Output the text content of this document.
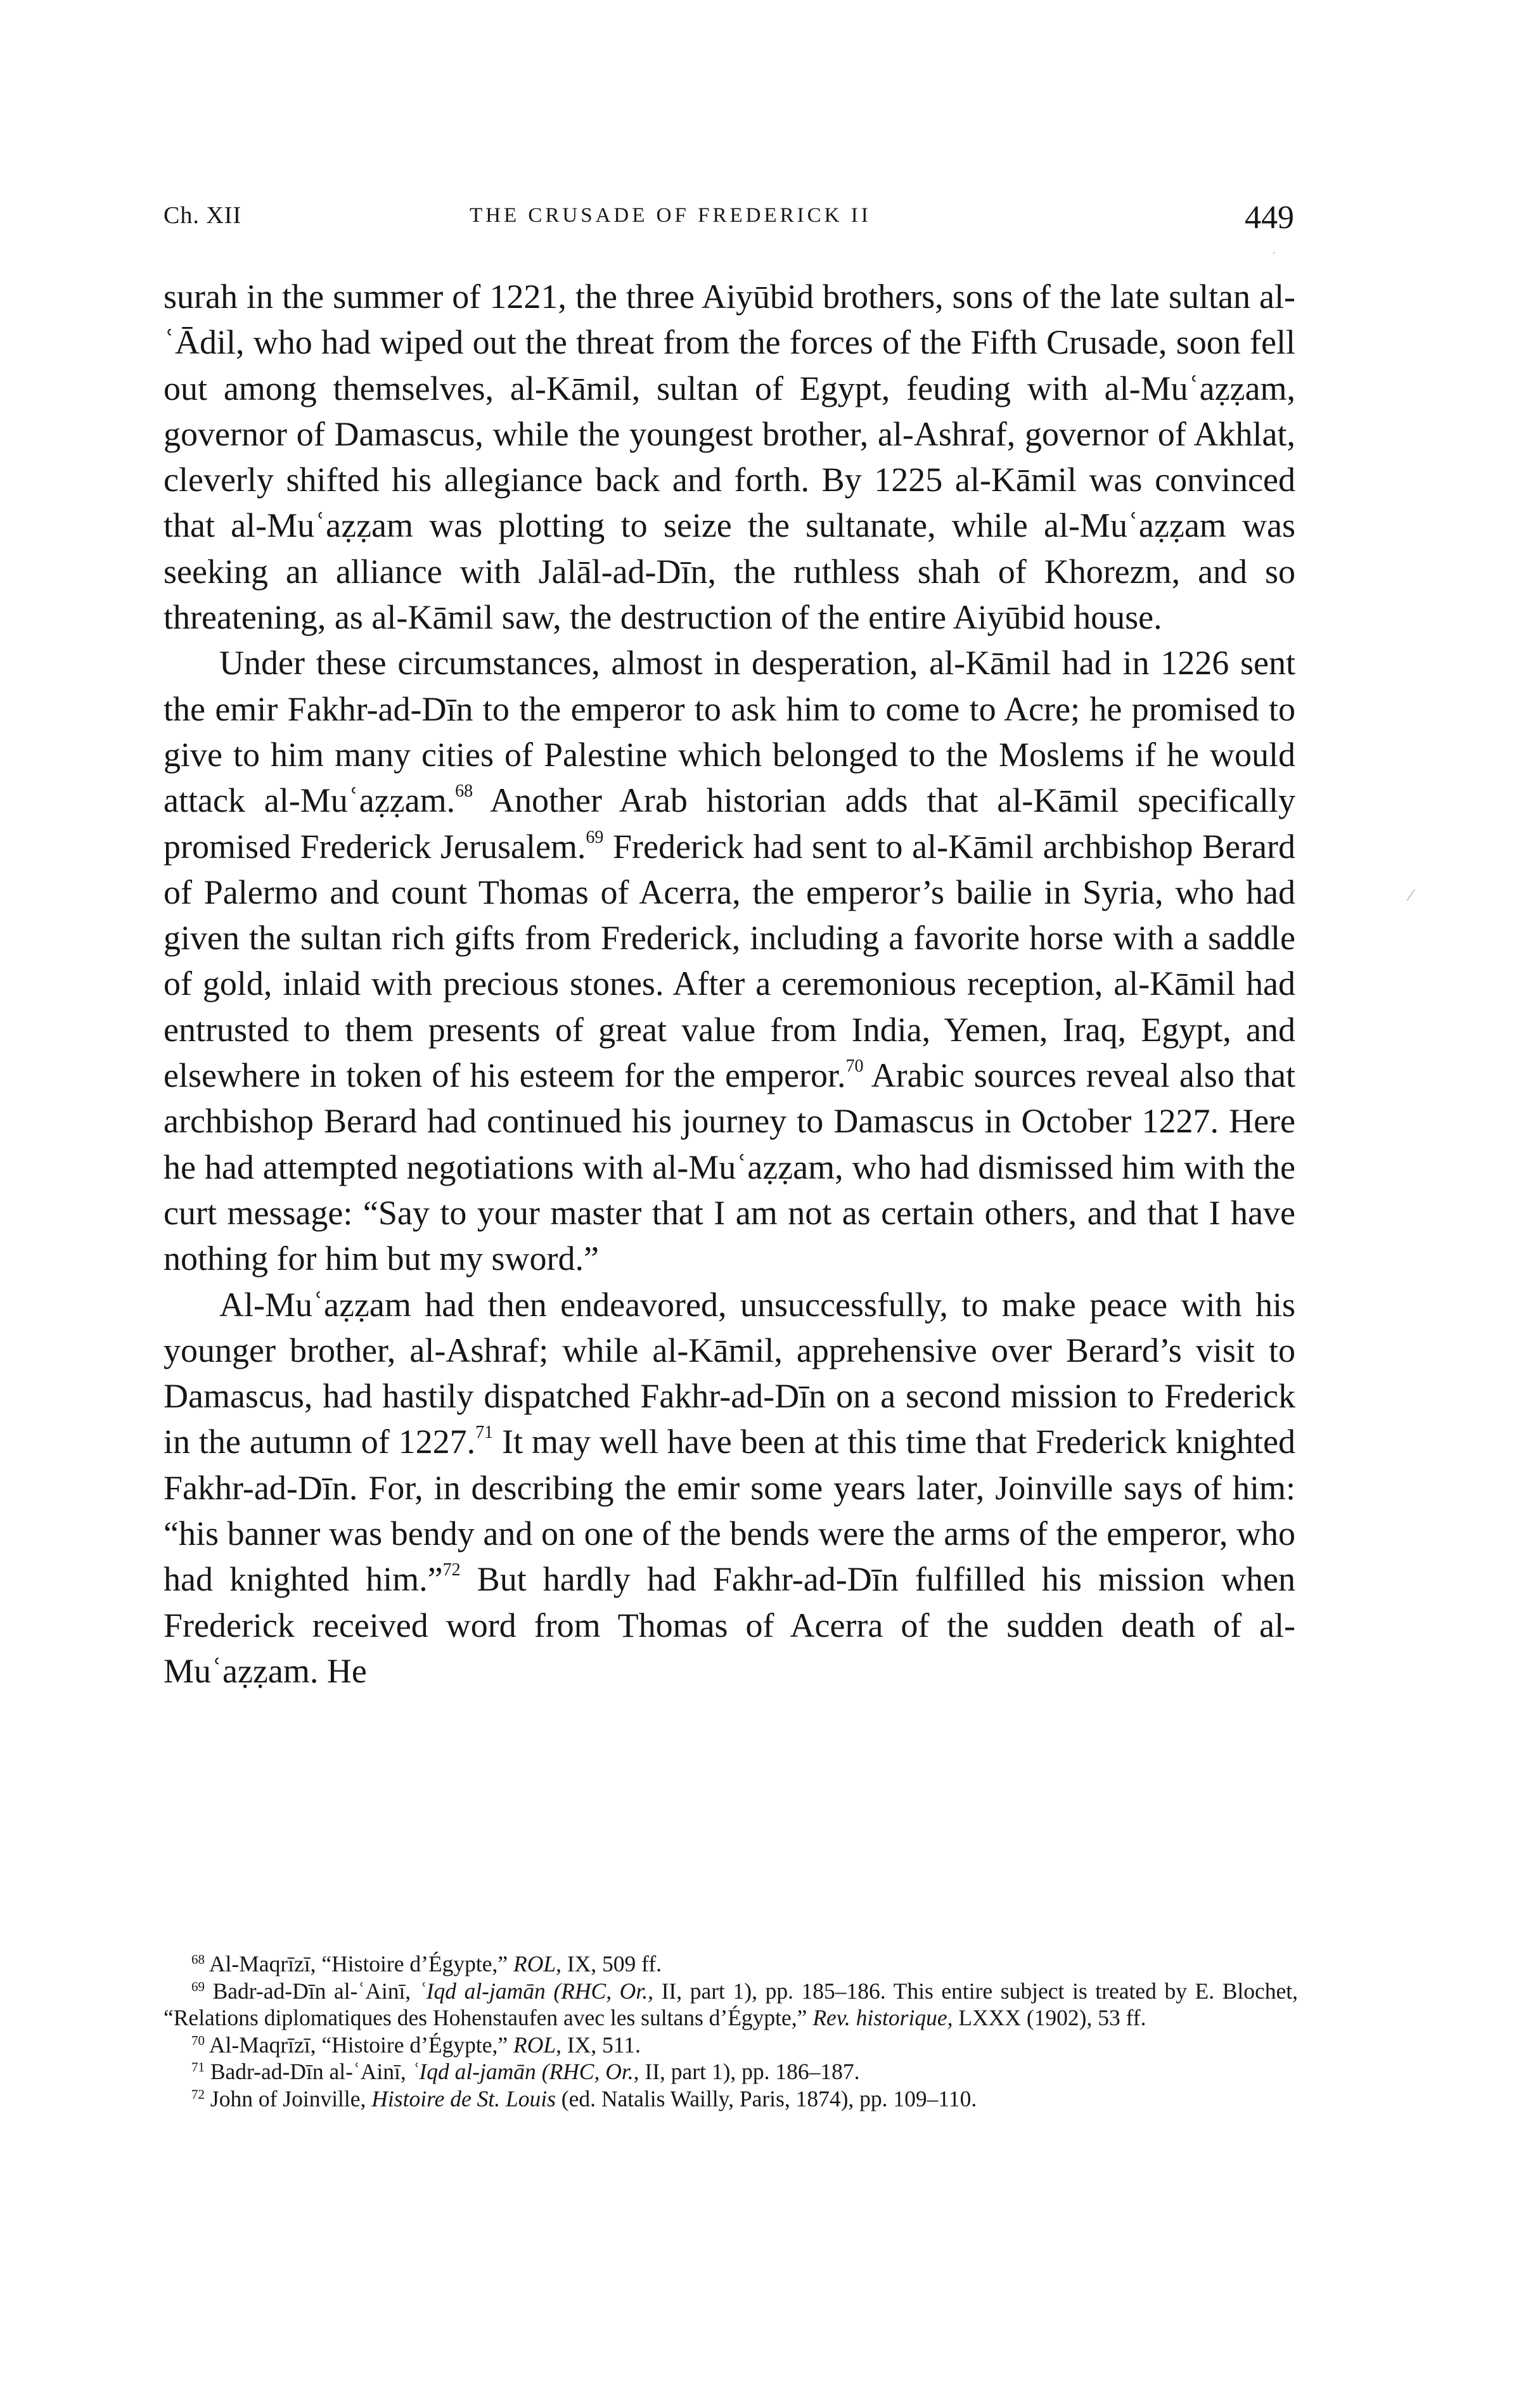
Ch. XII	THE CRUSADE OF FREDERICK II	449

surah in the summer of 1221, the three Aiyūbid brothers, sons of the late sultan al-ʿĀdil, who had wiped out the threat from the forces of the Fifth Crusade, soon fell out among themselves, al-Kāmil, sultan of Egypt, feuding with al-Muʿaẓẓam, governor of Damascus, while the youngest brother, al-Ashraf, governor of Akhlat, cleverly shifted his allegiance back and forth. By 1225 al-Kāmil was convinced that al-Muʿaẓẓam was plotting to seize the sultanate, while al-Muʿaẓẓam was seeking an alliance with Jalāl-ad-Dīn, the ruthless shah of Khorezm, and so threatening, as al-Kāmil saw, the destruction of the entire Aiyūbid house.

Under these circumstances, almost in desperation, al-Kāmil had in 1226 sent the emir Fakhr-ad-Dīn to the emperor to ask him to come to Acre; he promised to give to him many cities of Palestine which belonged to the Moslems if he would attack al-Muʿaẓẓam.$^{68}$ Another Arab historian adds that al-Kāmil specifically promised Frederick Jerusalem.$^{69}$ Frederick had sent to al-Kāmil archbishop Berard of Palermo and count Thomas of Acerra, the emperor’s bailie in Syria, who had given the sultan rich gifts from Frederick, including a favorite horse with a saddle of gold, inlaid with precious stones. After a ceremonious reception, al-Kāmil had entrusted to them presents of great value from India, Yemen, Iraq, Egypt, and elsewhere in token of his esteem for the emperor.$^{70}$ Arabic sources reveal also that archbishop Berard had continued his journey to Damascus in October 1227. Here he had attempted negotiations with al-Muʿaẓẓam, who had dismissed him with the curt message: “Say to your master that I am not as certain others, and that I have nothing for him but my sword.”

Al-Muʿaẓẓam had then endeavored, unsuccessfully, to make peace with his younger brother, al-Ashraf; while al-Kāmil, apprehensive over Berard’s visit to Damascus, had hastily dispatched Fakhr-ad-Dīn on a second mission to Frederick in the autumn of 1227.71 It may well have been at this time that Frederick knighted Fakhr-ad-Dīn. For, in describing the emir some years later, Joinville says of him: “his banner was bendy and on one of the bends were the arms of the emperor, who had knighted him.”$^{72}$ But hardly had Fakhr-ad-Dīn fulfilled his mission when Frederick received word from Thomas of Acerra of the sudden death of al-Muʿaẓẓam. He

$^{68}$ Al-Maqrīzī, “Histoire d’Égypte,” ROL, IX, 509 ff.

$^{69}$ Badr-ad-Dīn al-ʿAinī, ʿIqd al-jamān (RHC, Or., II, part 1), pp. 185–186. This entire subject is treated by E. Blochet, “Relations diplomatiques des Hohenstaufen avec les sultans d’Égypte,” Rev. historique, LXXX (1902), 53 ff.

$^{70}$ Al-Maqrīzī, “Histoire d’Égypte,” ROL, IX, 511.

$^{71}$ Badr-ad-Dīn al-ʿAinī, ʿIqd al-jamān (RHC, Or., II, part 1), pp. 186–187.

$^{72}$ John of Joinville, Histoire de St. Louis (ed. Natalis Wailly, Paris, 1874), pp. 109–110.

⁄
